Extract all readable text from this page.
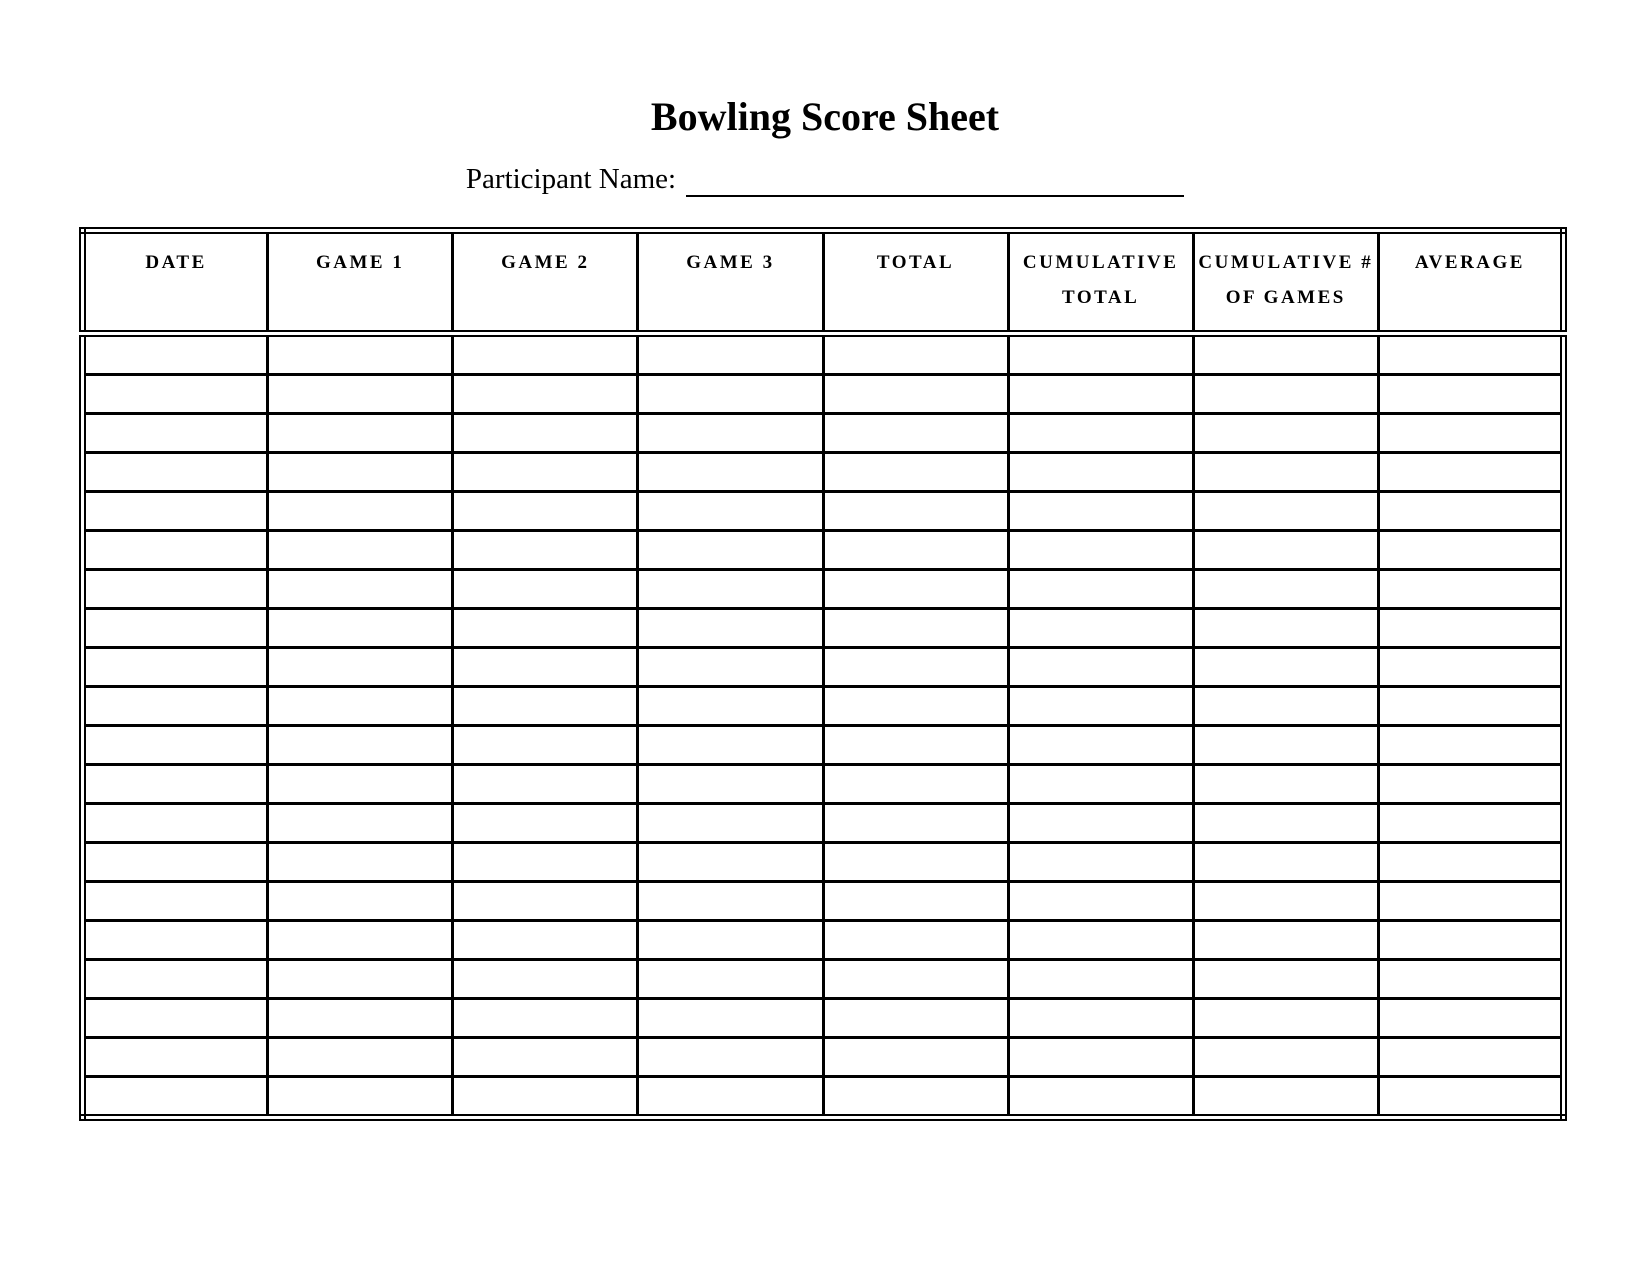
Bowling Score Sheet
Participant Name:
DATE	GAME 1	GAME 2	GAME 3	TOTAL	CUMULATIVE TOTAL	CUMULATIVE # OF GAMES	AVERAGE
